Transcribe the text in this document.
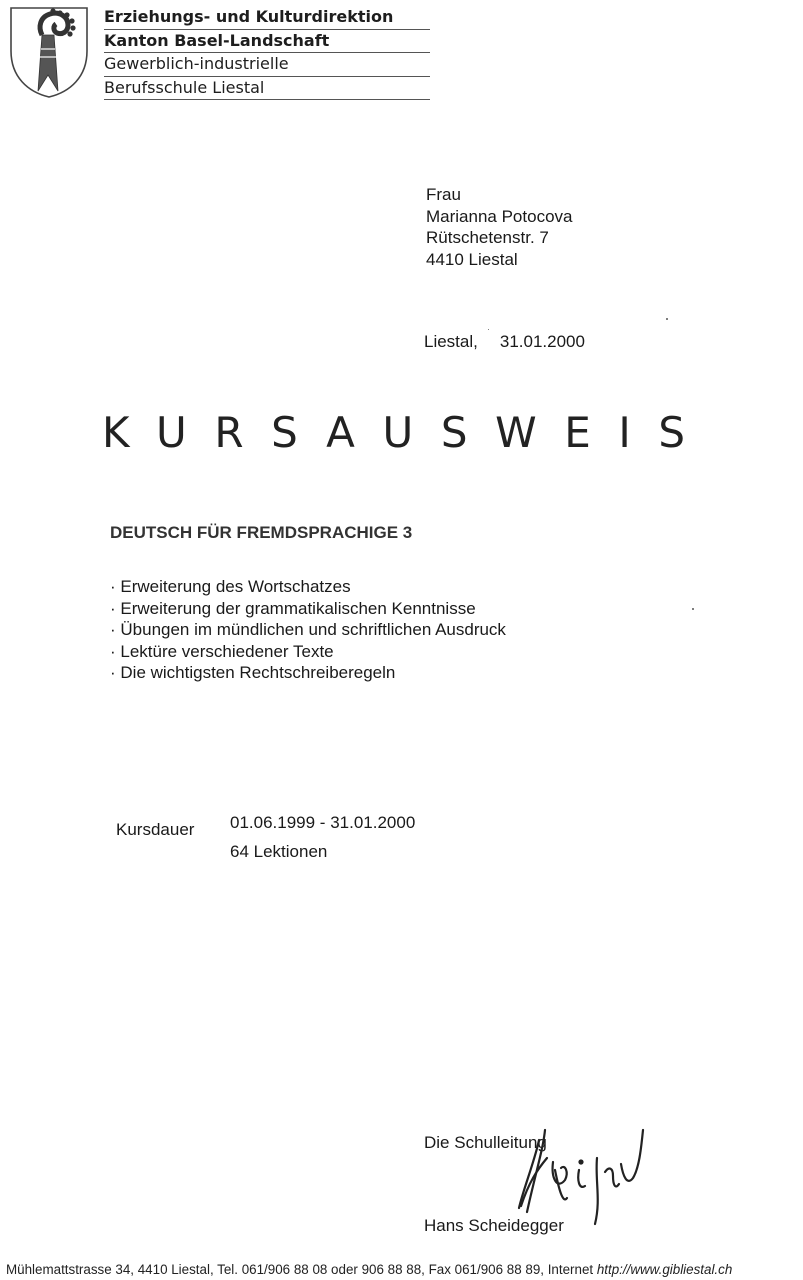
Erziehungs- und Kulturdirektion
Kanton Basel-Landschaft
Gewerblich-industrielle
Berufsschule Liestal
Frau
Marianna Potocova
Rütschetenstr. 7
4410 Liestal
Liestal, 31.01.2000
KURSAUSWEIS
DEUTSCH FÜR FREMDSPRACHIGE 3
· Erweiterung des Wortschatzes
· Erweiterung der grammatikalischen Kenntnisse
· Übungen im mündlichen und schriftlichen Ausdruck
· Lektüre verschiedener Texte
· Die wichtigsten Rechtschreiberegeln
Kursdauer 01.06.1999 - 31.01.2000
64 Lektionen
Die Schulleitung
Hans Scheidegger
Mühlemattstrasse 34, 4410 Liestal, Tel. 061/906 88 08 oder 906 88 88, Fax 061/906 88 89, Internet http://www.gibliestal.ch
